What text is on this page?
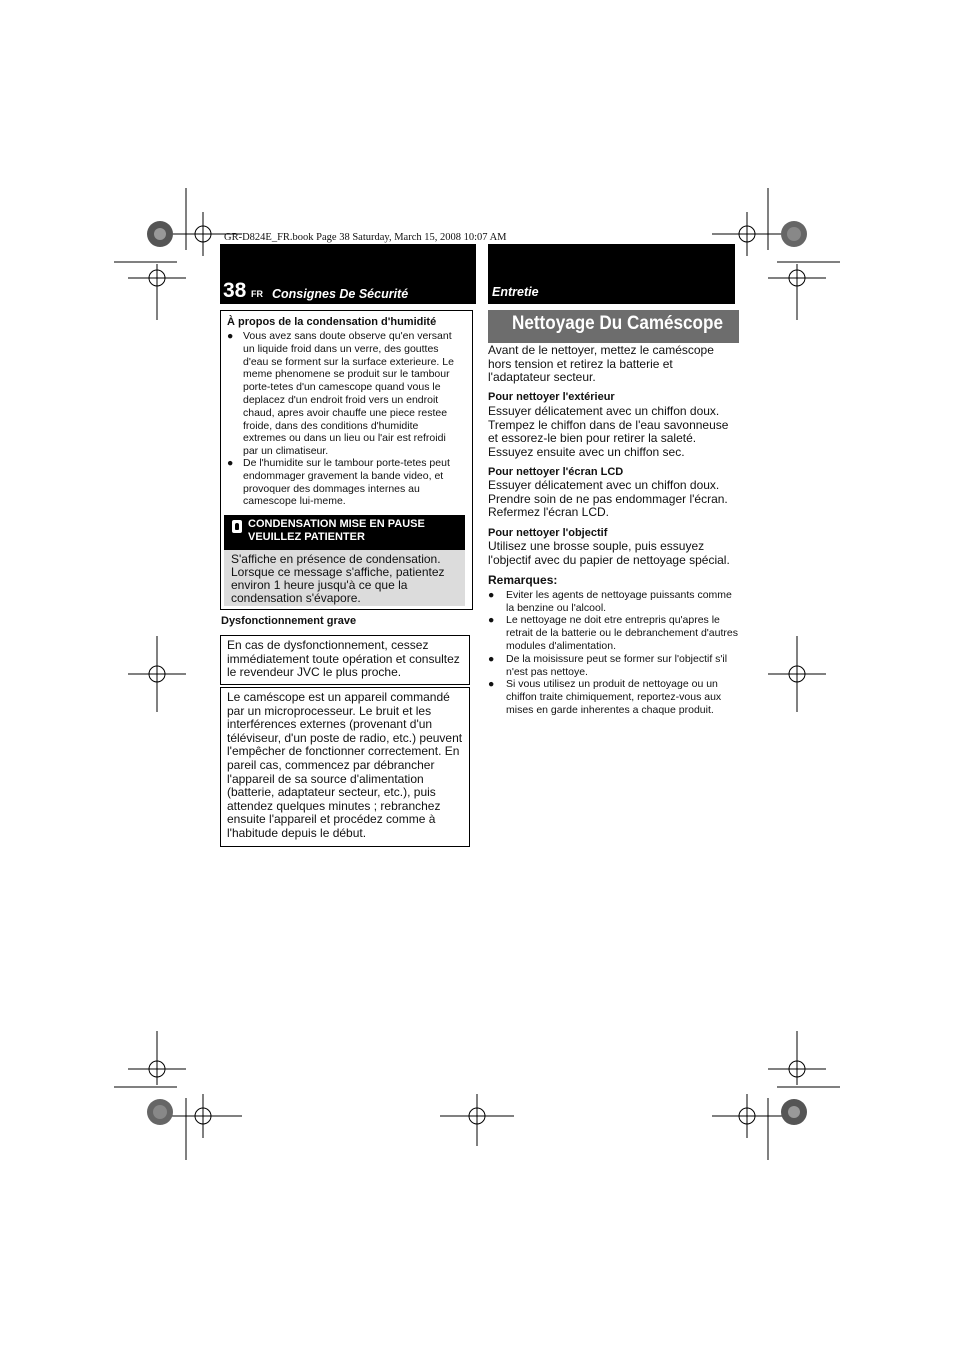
GR-D824E_FR.book Page 38 Saturday, March 15, 2008 10:07 AM
38 FR Consignes De Sécurité	Entretie
À propos de la condensation d'humidité
● Vous avez sans doute observe qu'en versant un liquide froid dans un verre, des gouttes d'eau se forment sur la surface exterieure. Le meme phenomene se produit sur le tambour porte-tetes d'un camescope quand vous le deplacez d'un endroit froid vers un endroit chaud, apres avoir chauffe une piece restee froide, dans des conditions d'humidite extremes ou dans un lieu ou l'air est refroidi par un climatiseur.
● De l'humidite sur le tambour porte-tetes peut endommager gravement la bande video, et provoquer des dommages internes au camescope lui-meme.
CONDENSATION MISE EN PAUSE
VEUILLEZ PATIENTER
S'affiche en présence de condensation. Lorsque ce message s'affiche, patientez environ 1 heure jusqu'à ce que la condensation s'évapore.
Dysfonctionnement grave
En cas de dysfonctionnement, cessez immédiatement toute opération et consultez le revendeur JVC le plus proche.
Le caméscope est un appareil commandé par un microprocesseur. Le bruit et les interférences externes (provenant d'un téléviseur, d'un poste de radio, etc.) peuvent l'empêcher de fonctionner correctement. En pareil cas, commencez par débrancher l'appareil de sa source d'alimentation (batterie, adaptateur secteur, etc.), puis attendez quelques minutes ; rebranchez ensuite l'appareil et procédez comme à l'habitude depuis le début.
Nettoyage Du Caméscope
Avant de le nettoyer, mettez le caméscope hors tension et retirez la batterie et l'adaptateur secteur.
Pour nettoyer l'extérieur
Essuyer délicatement avec un chiffon doux. Trempez le chiffon dans de l'eau savonneuse et essorez-le bien pour retirer la saleté. Essuyez ensuite avec un chiffon sec.
Pour nettoyer l'écran LCD
Essuyer délicatement avec un chiffon doux. Prendre soin de ne pas endommager l'écran. Refermez l'écran LCD.
Pour nettoyer l'objectif
Utilisez une brosse souple, puis essuyez l'objectif avec du papier de nettoyage spécial.
Remarques:
●	Eviter les agents de nettoyage puissants comme la benzine ou l'alcool.
●	Le nettoyage ne doit etre entrepris qu'apres le retrait de la batterie ou le debranchement d'autres modules d'alimentation.
●	De la moisissure peut se former sur l'objectif s'il n'est pas nettoye.
●	Si vous utilisez un produit de nettoyage ou un chiffon traite chimiquement, reportez-vous aux mises en garde inherentes a chaque produit.
